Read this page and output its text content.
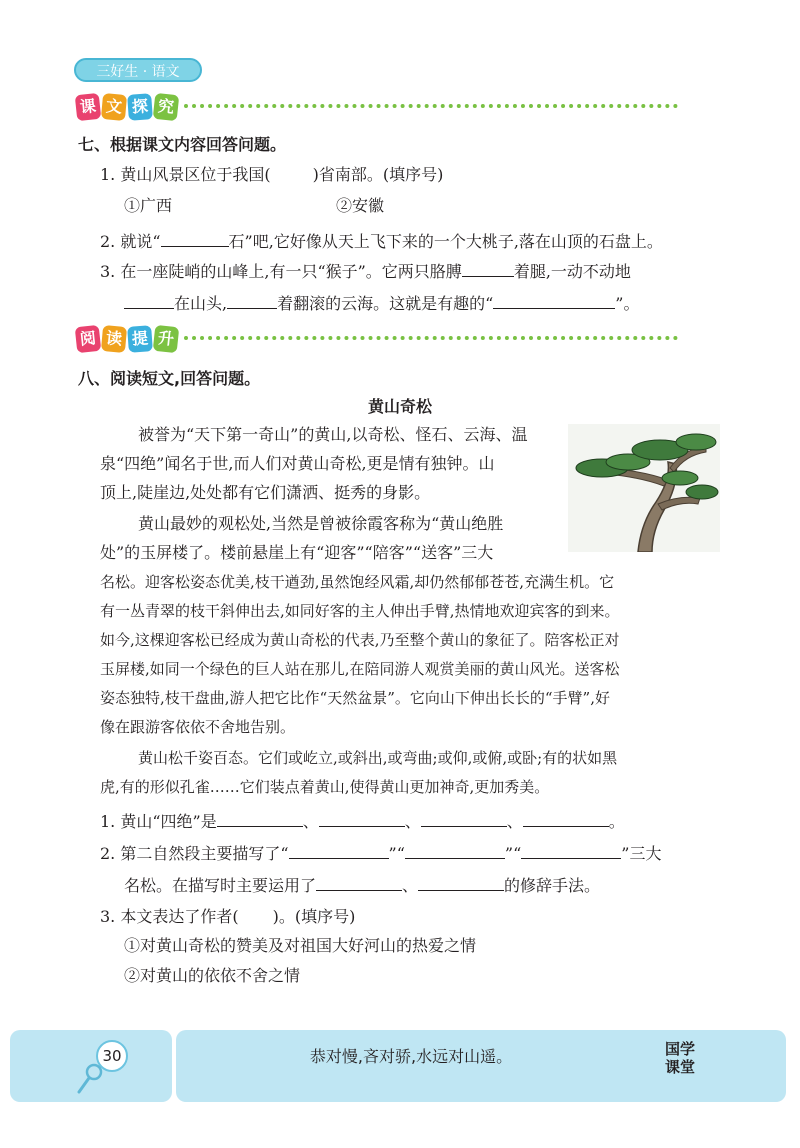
三好生 · 语文
课 文 探 究
七、根据课文内容回答问题。
1. 黄山风景区位于我国(	)省南部。(填序号)
①广西	②安徽
2. 就说“	石”吧,它好像从天上飞下来的一个大桃子,落在山顶的石盘上。
3. 在一座陡峭的山峰上,有一只“猴子”。它两只胳膊	着腿,一动不动地
在山头,	着翻滚的云海。这就是有趣的“	”。
阅 读 提 升
八、阅读短文,回答问题。
黄山奇松
被誉为“天下第一奇山”的黄山,以奇松、怪石、云海、温
泉“四绝”闻名于世,而人们对黄山奇松,更是情有独钟。山
顶上,陡崖边,处处都有它们潇洒、挺秀的身影。
黄山最妙的观松处,当然是曾被徐霞客称为“黄山绝胜
处”的玉屏楼了。楼前悬崖上有“迎客”“陪客”“送客”三大
名松。迎客松姿态优美,枝干遒劲,虽然饱经风霜,却仍然郁郁苍苍,充满生机。它
有一丛青翠的枝干斜伸出去,如同好客的主人伸出手臂,热情地欢迎宾客的到来。
如今,这棵迎客松已经成为黄山奇松的代表,乃至整个黄山的象征了。陪客松正对
玉屏楼,如同一个绿色的巨人站在那儿,在陪同游人观赏美丽的黄山风光。送客松
姿态独特,枝干盘曲,游人把它比作“天然盆景”。它向山下伸出长长的“手臂”,好
像在跟游客依依不舍地告别。
黄山松千姿百态。它们或屹立,或斜出,或弯曲;或仰,或俯,或卧;有的状如黑
虎,有的形似孔雀……它们装点着黄山,使得黄山更加神奇,更加秀美。
1. 黄山“四绝”是	、	、	、	。
2. 第二自然段主要描写了“	”“	”“	”三大
名松。在描写时主要运用了	、	的修辞手法。
3. 本文表达了作者( )。(填序号)
30	恭对慢,吝对骄,水远对山遥。	国学
课堂
①对黄山奇松的赞美及对祖国大好河山的热爱之情
②对黄山的依依不舍之情
